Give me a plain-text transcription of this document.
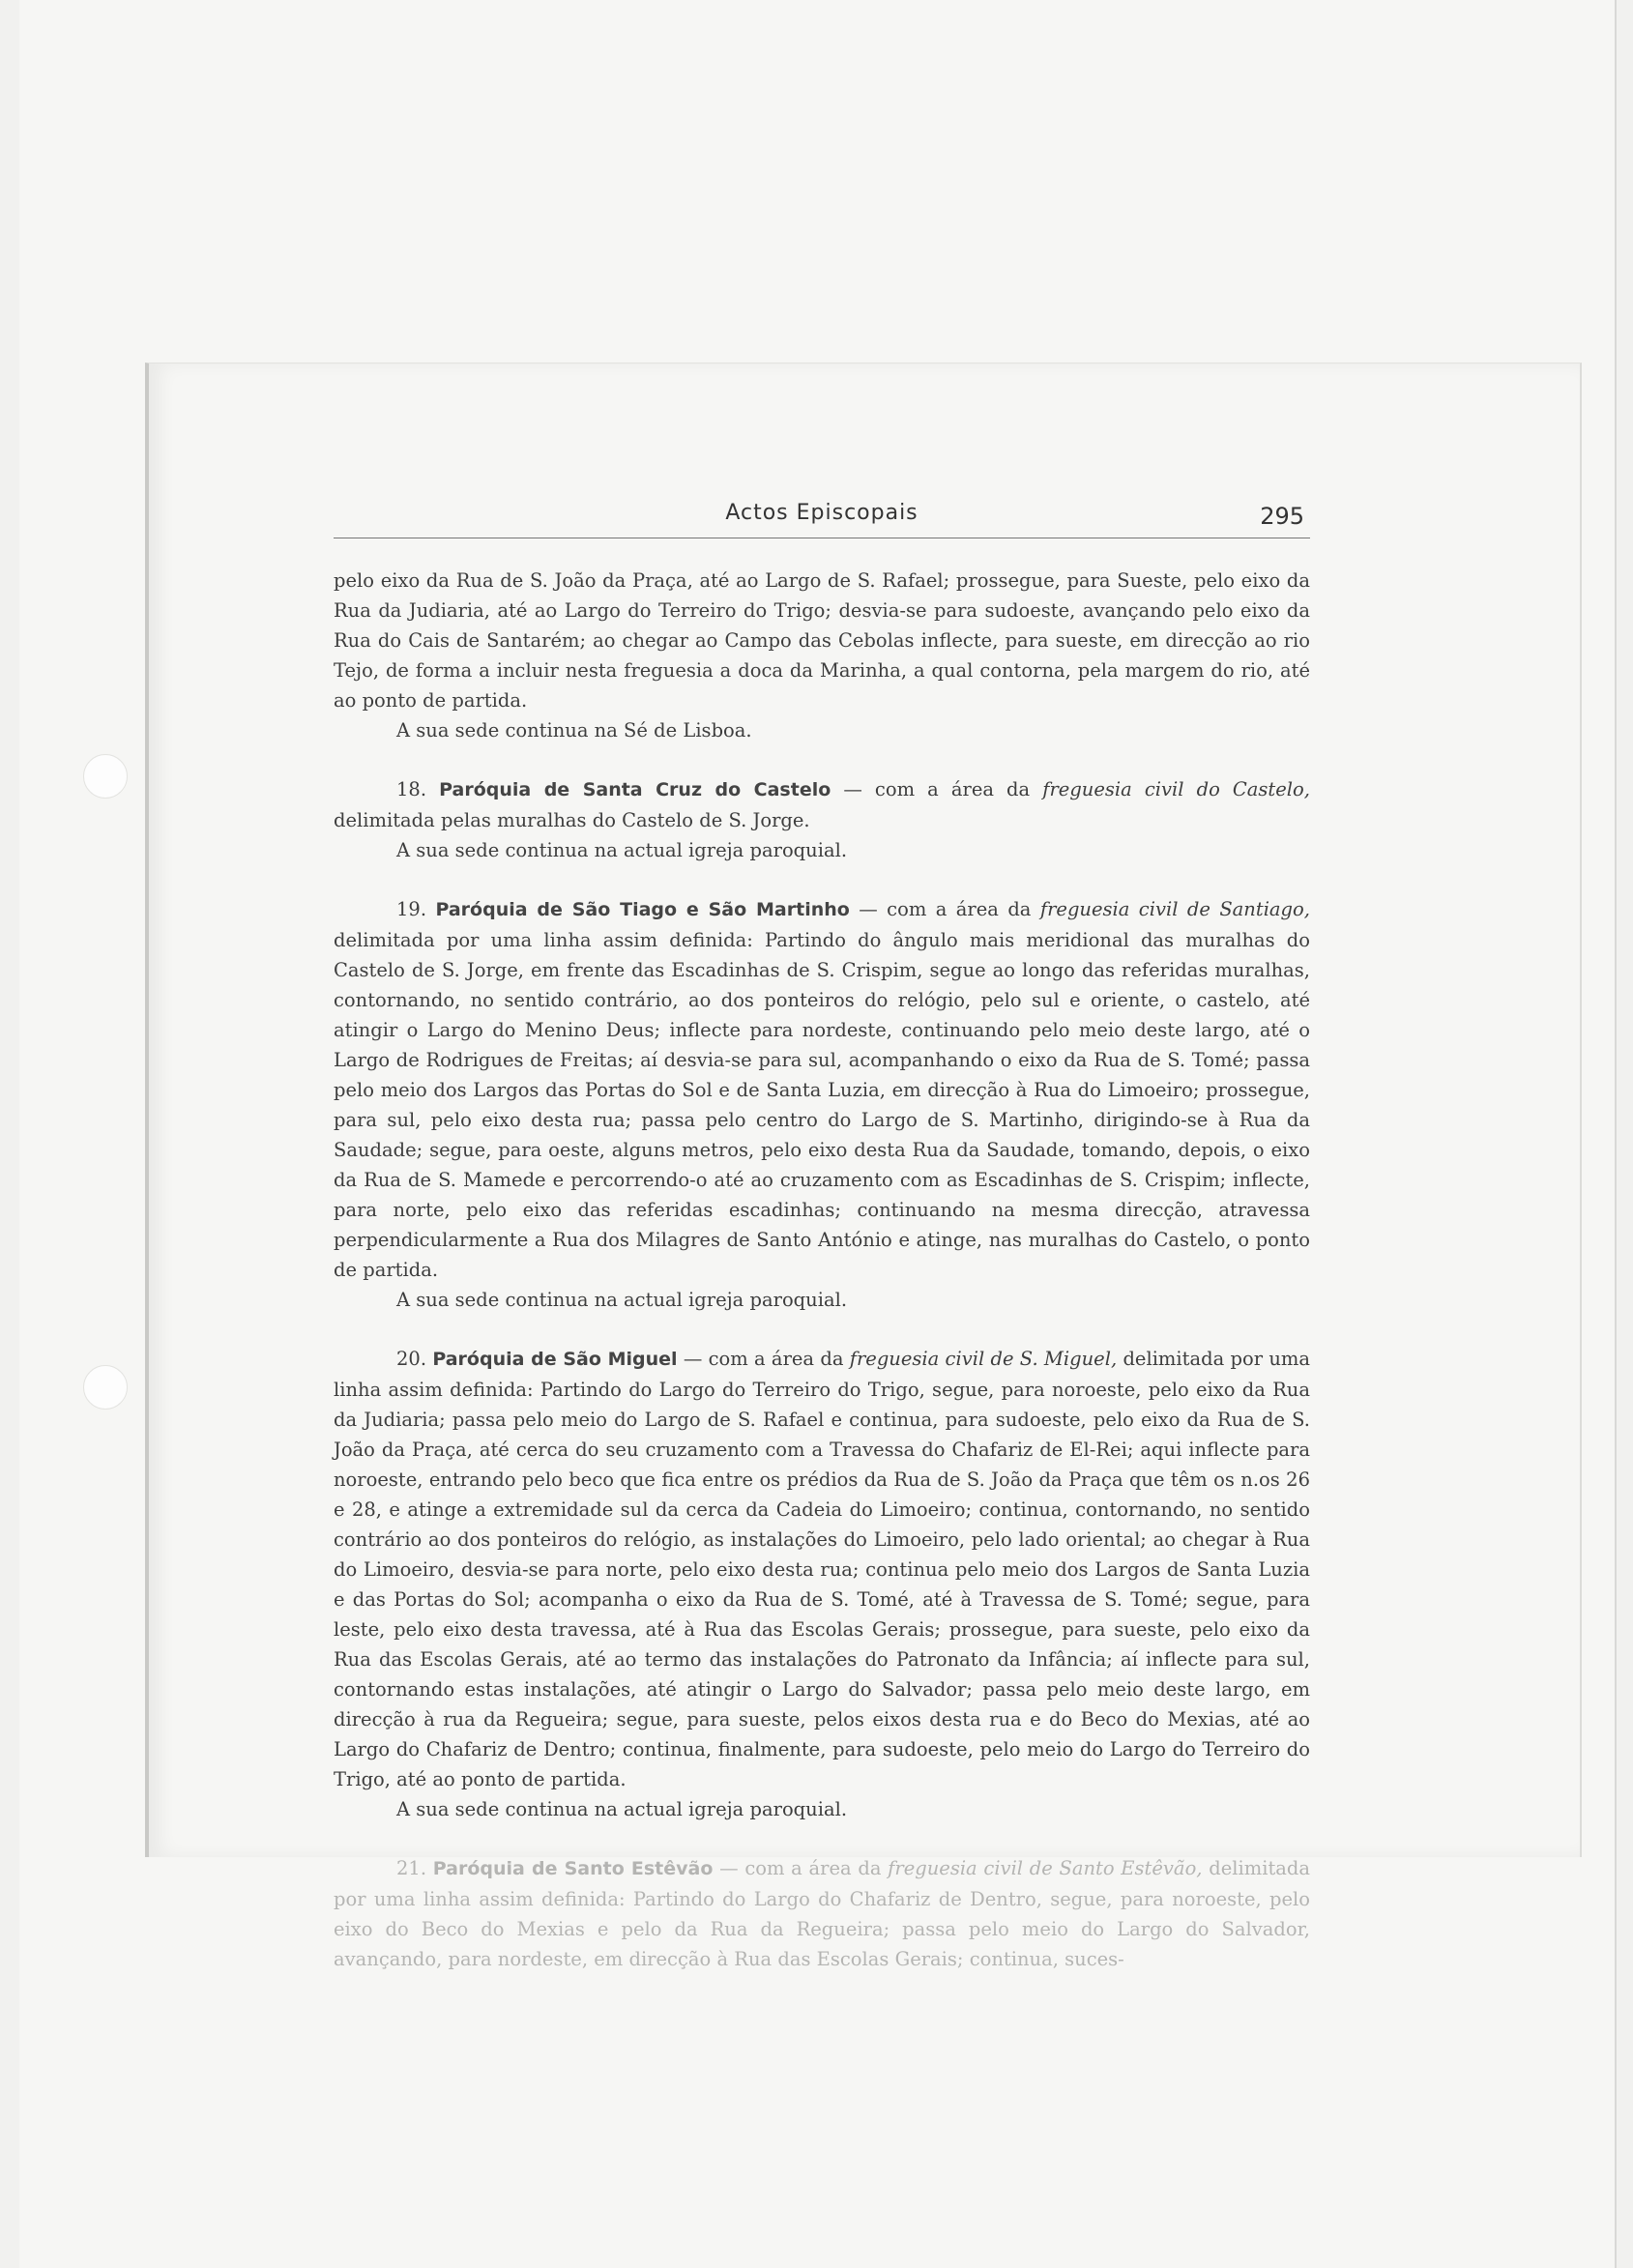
Actos Episcopais	295

pelo eixo da Rua de S. João da Praça, até ao Largo de S. Rafael; prossegue, para Sueste, pelo eixo da Rua da Judiaria, até ao Largo do Terreiro do Trigo; desvia-se para sudoeste, avançando pelo eixo da Rua do Cais de Santarém; ao chegar ao Campo das Cebolas inflecte, para sueste, em direcção ao rio Tejo, de forma a incluir nesta freguesia a doca da Marinha, a qual contorna, pela margem do rio, até ao ponto de partida.

A sua sede continua na Sé de Lisboa.

18. Paróquia de Santa Cruz do Castelo — com a área da freguesia civil do Castelo, delimitada pelas muralhas do Castelo de S. Jorge.

A sua sede continua na actual igreja paroquial.

19. Paróquia de São Tiago e São Martinho — com a área da freguesia civil de Santiago, delimitada por uma linha assim definida: Partindo do ângulo mais meridional das muralhas do Castelo de S. Jorge, em frente das Escadinhas de S. Crispim, segue ao longo das referidas muralhas, contornando, no sentido contrário, ao dos ponteiros do relógio, pelo sul e oriente, o castelo, até atingir o Largo do Menino Deus; inflecte para nordeste, continuando pelo meio deste largo, até o Largo de Rodrigues de Freitas; aí desvia-se para sul, acompanhando o eixo da Rua de S. Tomé; passa pelo meio dos Largos das Portas do Sol e de Santa Luzia, em direcção à Rua do Limoeiro; prossegue, para sul, pelo eixo desta rua; passa pelo centro do Largo de S. Martinho, dirigindo-se à Rua da Saudade; segue, para oeste, alguns metros, pelo eixo desta Rua da Saudade, tomando, depois, o eixo da Rua de S. Mamede e percorrendo-o até ao cruzamento com as Escadinhas de S. Crispim; inflecte, para norte, pelo eixo das referidas escadinhas; continuando na mesma direcção, atravessa perpendicularmente a Rua dos Milagres de Santo António e atinge, nas muralhas do Castelo, o ponto de partida.

A sua sede continua na actual igreja paroquial.

20. Paróquia de São Miguel — com a área da freguesia civil de S. Miguel, delimitada por uma linha assim definida: Partindo do Largo do Terreiro do Trigo, segue, para noroeste, pelo eixo da Rua da Judiaria; passa pelo meio do Largo de S. Rafael e continua, para sudoeste, pelo eixo da Rua de S. João da Praça, até cerca do seu cruzamento com a Travessa do Chafariz de El-Rei; aqui inflecte para noroeste, entrando pelo beco que fica entre os prédios da Rua de S. João da Praça que têm os n.os 26 e 28, e atinge a extremidade sul da cerca da Cadeia do Limoeiro; continua, contornando, no sentido contrário ao dos ponteiros do relógio, as instalações do Limoeiro, pelo lado oriental; ao chegar à Rua do Limoeiro, desvia-se para norte, pelo eixo desta rua; continua pelo meio dos Largos de Santa Luzia e das Portas do Sol; acompanha o eixo da Rua de S. Tomé, até à Travessa de S. Tomé; segue, para leste, pelo eixo desta travessa, até à Rua das Escolas Gerais; prossegue, para sueste, pelo eixo da Rua das Escolas Gerais, até ao termo das instalações do Patronato da Infância; aí inflecte para sul, contornando estas instalações, até atingir o Largo do Salvador; passa pelo meio deste largo, em direcção à rua da Regueira; segue, para sueste, pelos eixos desta rua e do Beco do Mexias, até ao Largo do Chafariz de Dentro; continua, finalmente, para sudoeste, pelo meio do Largo do Terreiro do Trigo, até ao ponto de partida.

A sua sede continua na actual igreja paroquial.

21. Paróquia de Santo Estêvão — com a área da freguesia civil de Santo Estêvão, delimitada por uma linha assim definida: Partindo do Largo do Chafariz de Dentro, segue, para noroeste, pelo eixo do Beco do Mexias e pelo da Rua da Regueira; passa pelo meio do Largo do Salvador, avançando, para nordeste, em direcção à Rua das Escolas Gerais; continua, suces-
